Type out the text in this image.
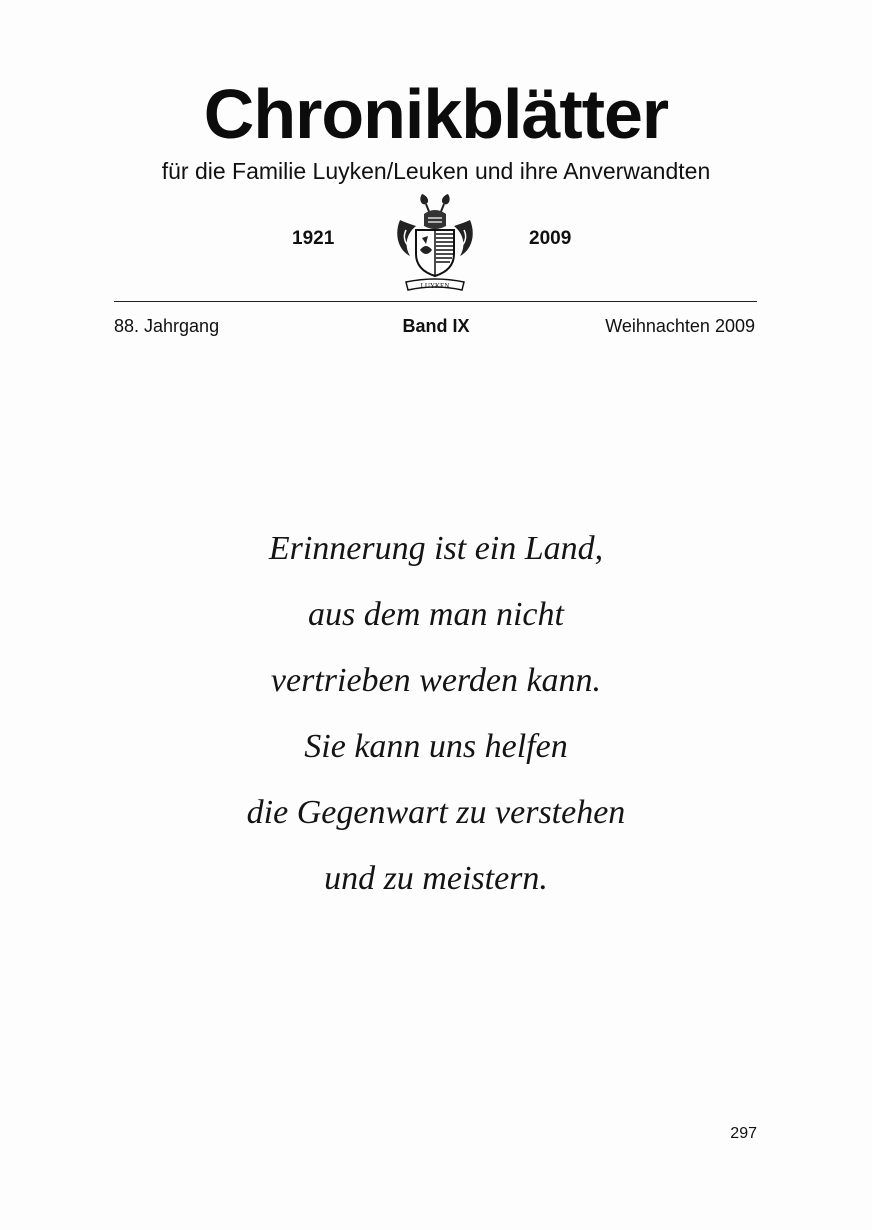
Chronikblätter
für die Familie Luyken/Leuken und ihre Anverwandten
1921
LUYKEN
2009
Band IX
88. Jahrgang	Weihnachten 2009
Erinnerung ist ein Land,
aus dem man nicht
vertrieben werden kann.
Sie kann uns helfen
die Gegenwart zu verstehen
und zu meistern.
297
